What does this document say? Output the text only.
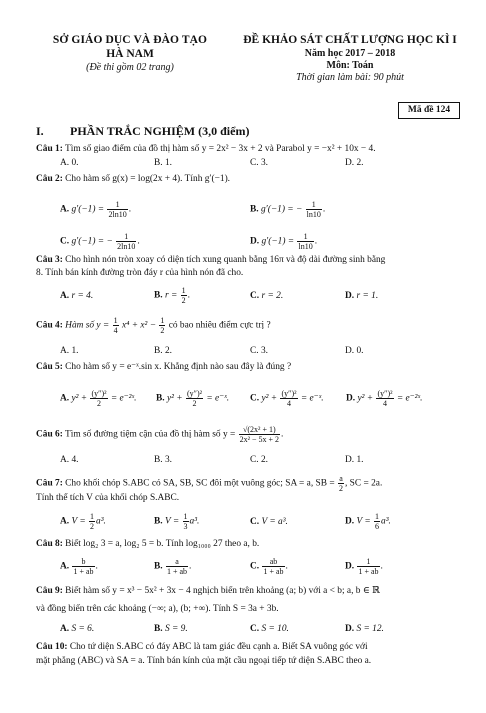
SỞ GIÁO DỤC VÀ ĐÀO TẠO
HÀ NAM
(Đề thi gồm 02 trang)
ĐỀ KHẢO SÁT CHẤT LƯỢNG HỌC KÌ I
Năm học 2017 – 2018
Môn: Toán
Thời gian làm bài: 90 phút
Mã đề 124
I. PHẦN TRẮC NGHIỆM (3,0 điểm)
Câu 1: Tìm số giao điểm của đồ thị hàm số y = 2x² − 3x + 2 và Parabol y = −x² + 10x − 4.
A. 0.	B. 1.	C. 3.	D. 2.
Câu 2: Cho hàm số g(x) = log(2x + 4). Tính g′(−1).
A. $g'(-1) = \frac{1}{2\ln 10}$ .	B. g′(−1) = − $\frac{1}{\ln 10}$ .
C. g′(−1) = − $\frac{1}{2\ln 10}$ .	D. $g'(-1) = \frac{1}{\ln 10}$ .
Câu 3: Cho hình nón tròn xoay có diện tích xung quanh bằng 16π và độ dài đường sinh bằng
8. Tính bán kính đường tròn đáy r của hình nón đã cho.
A. r = 4.	B. $r = \frac{1}{2}$ .	C. r = 2.	D. r = 1.
Câu 4: Hàm số $y = \frac{1}{4} x^4 + x^2 - \frac{1}{2}$ có bao nhiêu điểm cực trị ?
A. 1.	B. 2.	C. 3.	D. 0.
Câu 5: Cho hàm số y = e⁻ˣ.sin x. Khẳng định nào sau đây là đúng ?
A. $y^2 + \frac{\text{(y″)²}}{2}$ = e⁻²ˣ. B. $y^2 + \frac{\text{(y″)²}}{2}$ = e⁻ˣ. C. $y^2 + \frac{\text{(y″)²}}{4}$ = e⁻ˣ. D. $y^2 + \frac{\text{(y″)²}}{4}$ = e⁻²ˣ.
Câu 6: Tìm số đường tiệm cận của đồ thị hàm số $y = \frac{\text{√(2x² + 1)}}{\text{2x² − 5x + 2}}$ .
A. 4.	B. 3.	C. 2.	D. 1.
Câu 7: Cho khối chóp S.ABC có SA, SB, SC đôi một vuông góc; SA = a, SB = $\frac{a}{2}$ , SC = 2a.
Tính thể tích V của khối chóp S.ABC.
A. $V = \frac{1}{2} a^3$.	B. $V = \frac{1}{3} a^3$.	C. V = a³.	D. $V = \frac{1}{6} a^3$.
Câu 8: Biết log₂ 3 = a, log₂ 5 = b. Tính log₁₀₀₀ 27 theo a, b.
A. $\frac{b}{1 + ab}$ .	B. $\frac{a}{1 + ab}$ .	C. $\frac{ab}{1 + ab}$ .	D. $\frac{1}{1 + ab}$ .
Câu 9: Biết hàm số y = x³ − 5x² + 3x − 4 nghịch biến trên khoảng (a; b) với a < b; a, b ∈ ℝ
và đồng biến trên các khoảng (−∞; a), (b; +∞). Tính S = 3a + 3b.
A. S = 6.	B. S = 9.	C. S = 10.	D. S = 12.
Câu 10: Cho tứ diện S.ABC có đáy ABC là tam giác đều cạnh a. Biết SA vuông góc với
mặt phẳng (ABC) và SA = a. Tính bán kính của mặt cầu ngoại tiếp tứ diện S.ABC theo a.
